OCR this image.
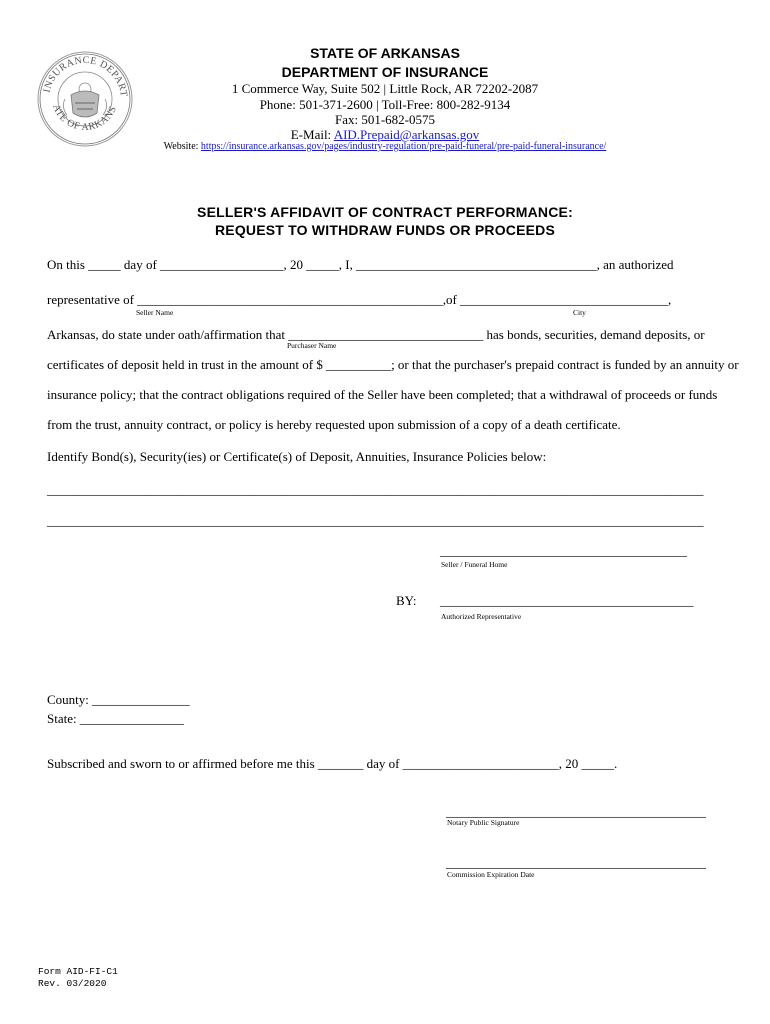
INSURANCE DEPART
ATE OF ARKANS
STATE OF ARKANSAS
DEPARTMENT OF INSURANCE
1 Commerce Way, Suite 502 | Little Rock, AR 72202-2087
Phone: 501-371-2600 | Toll-Free: 800-282-9134
Fax: 501-682-0575
E-Mail: AID.Prepaid@arkansas.gov
Website: https://insurance.arkansas.gov/pages/industry-regulation/pre-paid-funeral/pre-paid-funeral-insurance/
SELLER'S AFFIDAVIT OF CONTRACT PERFORMANCE:
REQUEST TO WITHDRAW FUNDS OR PROCEEDS
On this _____ day of ___________________, 20 _____, I, _____________________________________, an authorized
representative of _______________________________________________,of ________________________________,
Seller Name	City
Arkansas, do state under oath/affirmation that ______________________________ has bonds, securities, demand deposits, or
Purchaser Name
certificates of deposit held in trust in the amount of $ __________; or that the purchaser's prepaid contract is funded by an annuity or
insurance policy; that the contract obligations required of the Seller have been completed; that a withdrawal of proceeds or funds
from the trust, annuity contract, or policy is hereby requested upon submission of a copy of a death certificate.
Identify Bond(s), Security(ies) or Certificate(s) of Deposit, Annuities, Insurance Policies below:
_____________________________________________________________________________________________________
_____________________________________________________________________________________________________
______________________________________
Seller / Funeral Home
BY: _______________________________________
Authorized Representative
County: _______________
State: ________________
Subscribed and sworn to or affirmed before me this _______ day of ________________________, 20 _____.
________________________________________
Notary Public Signature
________________________________________
Commission Expiration Date
Form AID-FI-C1
Rev. 03/2020
